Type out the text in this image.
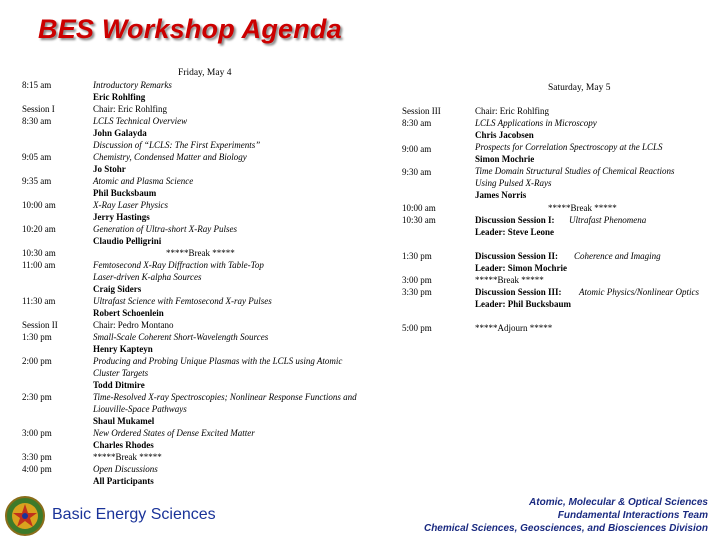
BES Workshop Agenda
Friday, May 4
8:15 am
Session I
8:30 am
9:05 am
9:35 am
10:00 am
10:20 am
10:30 am
11:00 am
11:30 am
Session II
1:30 pm
2:00 pm
2:30 pm
3:00 pm
3:30 pm
4:00 pm
Introductory Remarks
Eric Rohlfing
Chair: Eric Rohlfing
LCLS Technical Overview
John Galayda
Discussion of “LCLS: The First Experiments”
Chemistry, Condensed Matter and Biology
Jo Stohr
Atomic and Plasma Science
Phil Bucksbaum
X-Ray Laser Physics
Jerry Hastings
Generation of Ultra-short X-Ray Pulses
Claudio Pelligrini
*****Break *****
Femtosecond X-Ray Diffraction with Table-Top
Laser-driven K-alpha Sources
Craig Siders
Ultrafast Science with Femtosecond X-ray Pulses
Robert Schoenlein
Chair: Pedro Montano
Small-Scale Coherent Short-Wavelength Sources
Henry Kapteyn
Producing and Probing Unique Plasmas with the LCLS using Atomic
Cluster Targets
Todd Ditmire
Time-Resolved X-ray Spectroscopies; Nonlinear Response Functions and
Liouville-Space Pathways
Shaul Mukamel
New Ordered States of Dense Excited Matter
Charles Rhodes
*****Break *****
Open Discussions
All Participants
Saturday, May 5
Session III
8:30 am
9:00 am
9:30 am
10:00 am
10:30 am
1:30 pm
3:00 pm
3:30 pm
5:00 pm
Chair: Eric Rohlfing
LCLS Applications in Microscopy
Chris Jacobsen
Prospects for Correlation Spectroscopy at the LCLS
Simon Mochrie
Time Domain Structural Studies of Chemical Reactions
Using Pulsed X-Rays
James Norris
*****Break *****
Discussion Session I: Ultrafast Phenomena
Leader: Steve Leone
Discussion Session II: Coherence and Imaging
Leader: Simon Mochrie
*****Break *****
Discussion Session III: Atomic Physics/Nonlinear Optics
Leader: Phil Bucksbaum
*****Adjourn *****
Basic Energy Sciences
Atomic, Molecular & Optical Sciences
Fundamental Interactions Team
Chemical Sciences, Geosciences, and Biosciences Division
